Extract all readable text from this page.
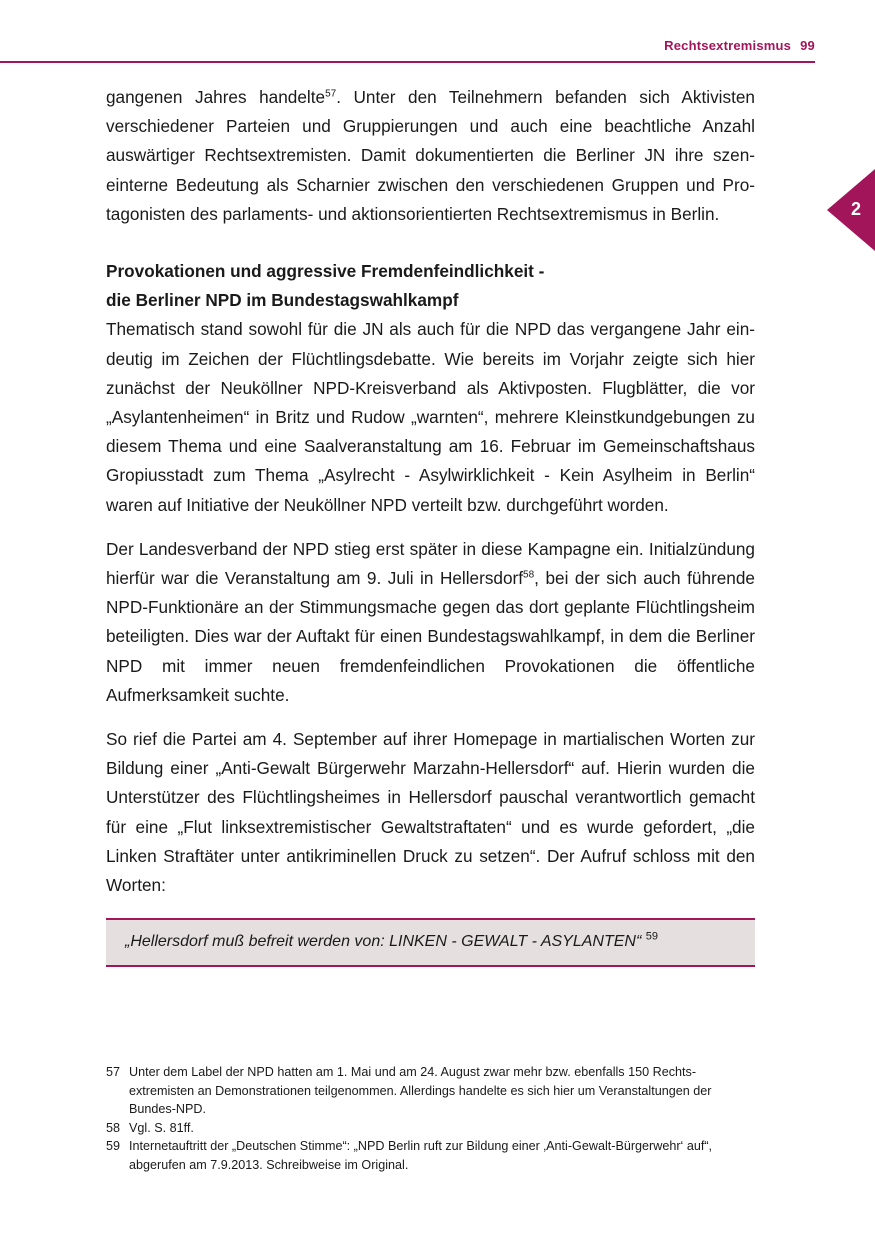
Rechtsextremismus 99
2

gangenen Jahres handelte$^{57}$. Unter den Teilnehmern befanden sich Aktivisten verschiedener Parteien und Gruppierungen und auch eine beachtliche Anzahl auswärtiger Rechtsextremisten. Damit dokumentierten die Berliner JN ihre szeneinterne Bedeutung als Scharnier zwischen den verschiedenen Gruppen und Protagonisten des parlaments- und aktionsorientierten Rechtsextremismus in Berlin.

Provokationen und aggressive Fremdenfeindlichkeit -
die Berliner NPD im Bundestagswahlkampf

Thematisch stand sowohl für die JN als auch für die NPD das vergangene Jahr eindeutig im Zeichen der Flüchtlingsdebatte. Wie bereits im Vorjahr zeigte sich hier zunächst der Neuköllner NPD-Kreisverband als Aktivposten. Flugblätter, die vor „Asylantenheimen“ in Britz und Rudow „warnten“, mehrere Kleinstkundgebungen zu diesem Thema und eine Saalveranstaltung am 16. Februar im Gemeinschaftshaus Gropiusstadt zum Thema „Asylrecht - Asylwirklichkeit - Kein Asylheim in Berlin“ waren auf Initiative der Neuköllner NPD verteilt bzw. durchgeführt worden.

Der Landesverband der NPD stieg erst später in diese Kampagne ein. Initialzündung hierfür war die Veranstaltung am 9. Juli in Hellersdorf$^{58}$, bei der sich auch führende NPD-Funktionäre an der Stimmungsmache gegen das dort geplante Flüchtlingsheim beteiligten. Dies war der Auftakt für einen Bundestagswahlkampf, in dem die Berliner NPD mit immer neuen fremdenfeindlichen Provokationen die öffentliche Aufmerksamkeit suchte.

So rief die Partei am 4. September auf ihrer Homepage in martialischen Worten zur Bildung einer „Anti-Gewalt Bürgerwehr Marzahn-Hellersdorf“ auf. Hierin wurden die Unterstützer des Flüchtlingsheimes in Hellersdorf pauschal verantwortlich gemacht für eine „Flut linksextremistischer Gewaltstraftaten“ und es wurde gefordert, „die Linken Straftäter unter antikriminellen Druck zu setzen“. Der Aufruf schloss mit den Worten:

„Hellersdorf muß befreit werden von: LINKEN - GEWALT - ASYLANTEN“ $^{59}$
57 Unter dem Label der NPD hatten am 1. Mai und am 24. August zwar mehr bzw. ebenfalls 150 Rechtsextremisten an Demonstrationen teilgenommen. Allerdings handelte es sich hier um Veranstaltungen der Bundes-NPD.
58 Vgl. S. 81ff.
59 Internetauftritt der „Deutschen Stimme“: „NPD Berlin ruft zur Bildung einer ‚Anti-Gewalt-Bürgerwehr‘ auf“, abgerufen am 7.9.2013. Schreibweise im Original.
